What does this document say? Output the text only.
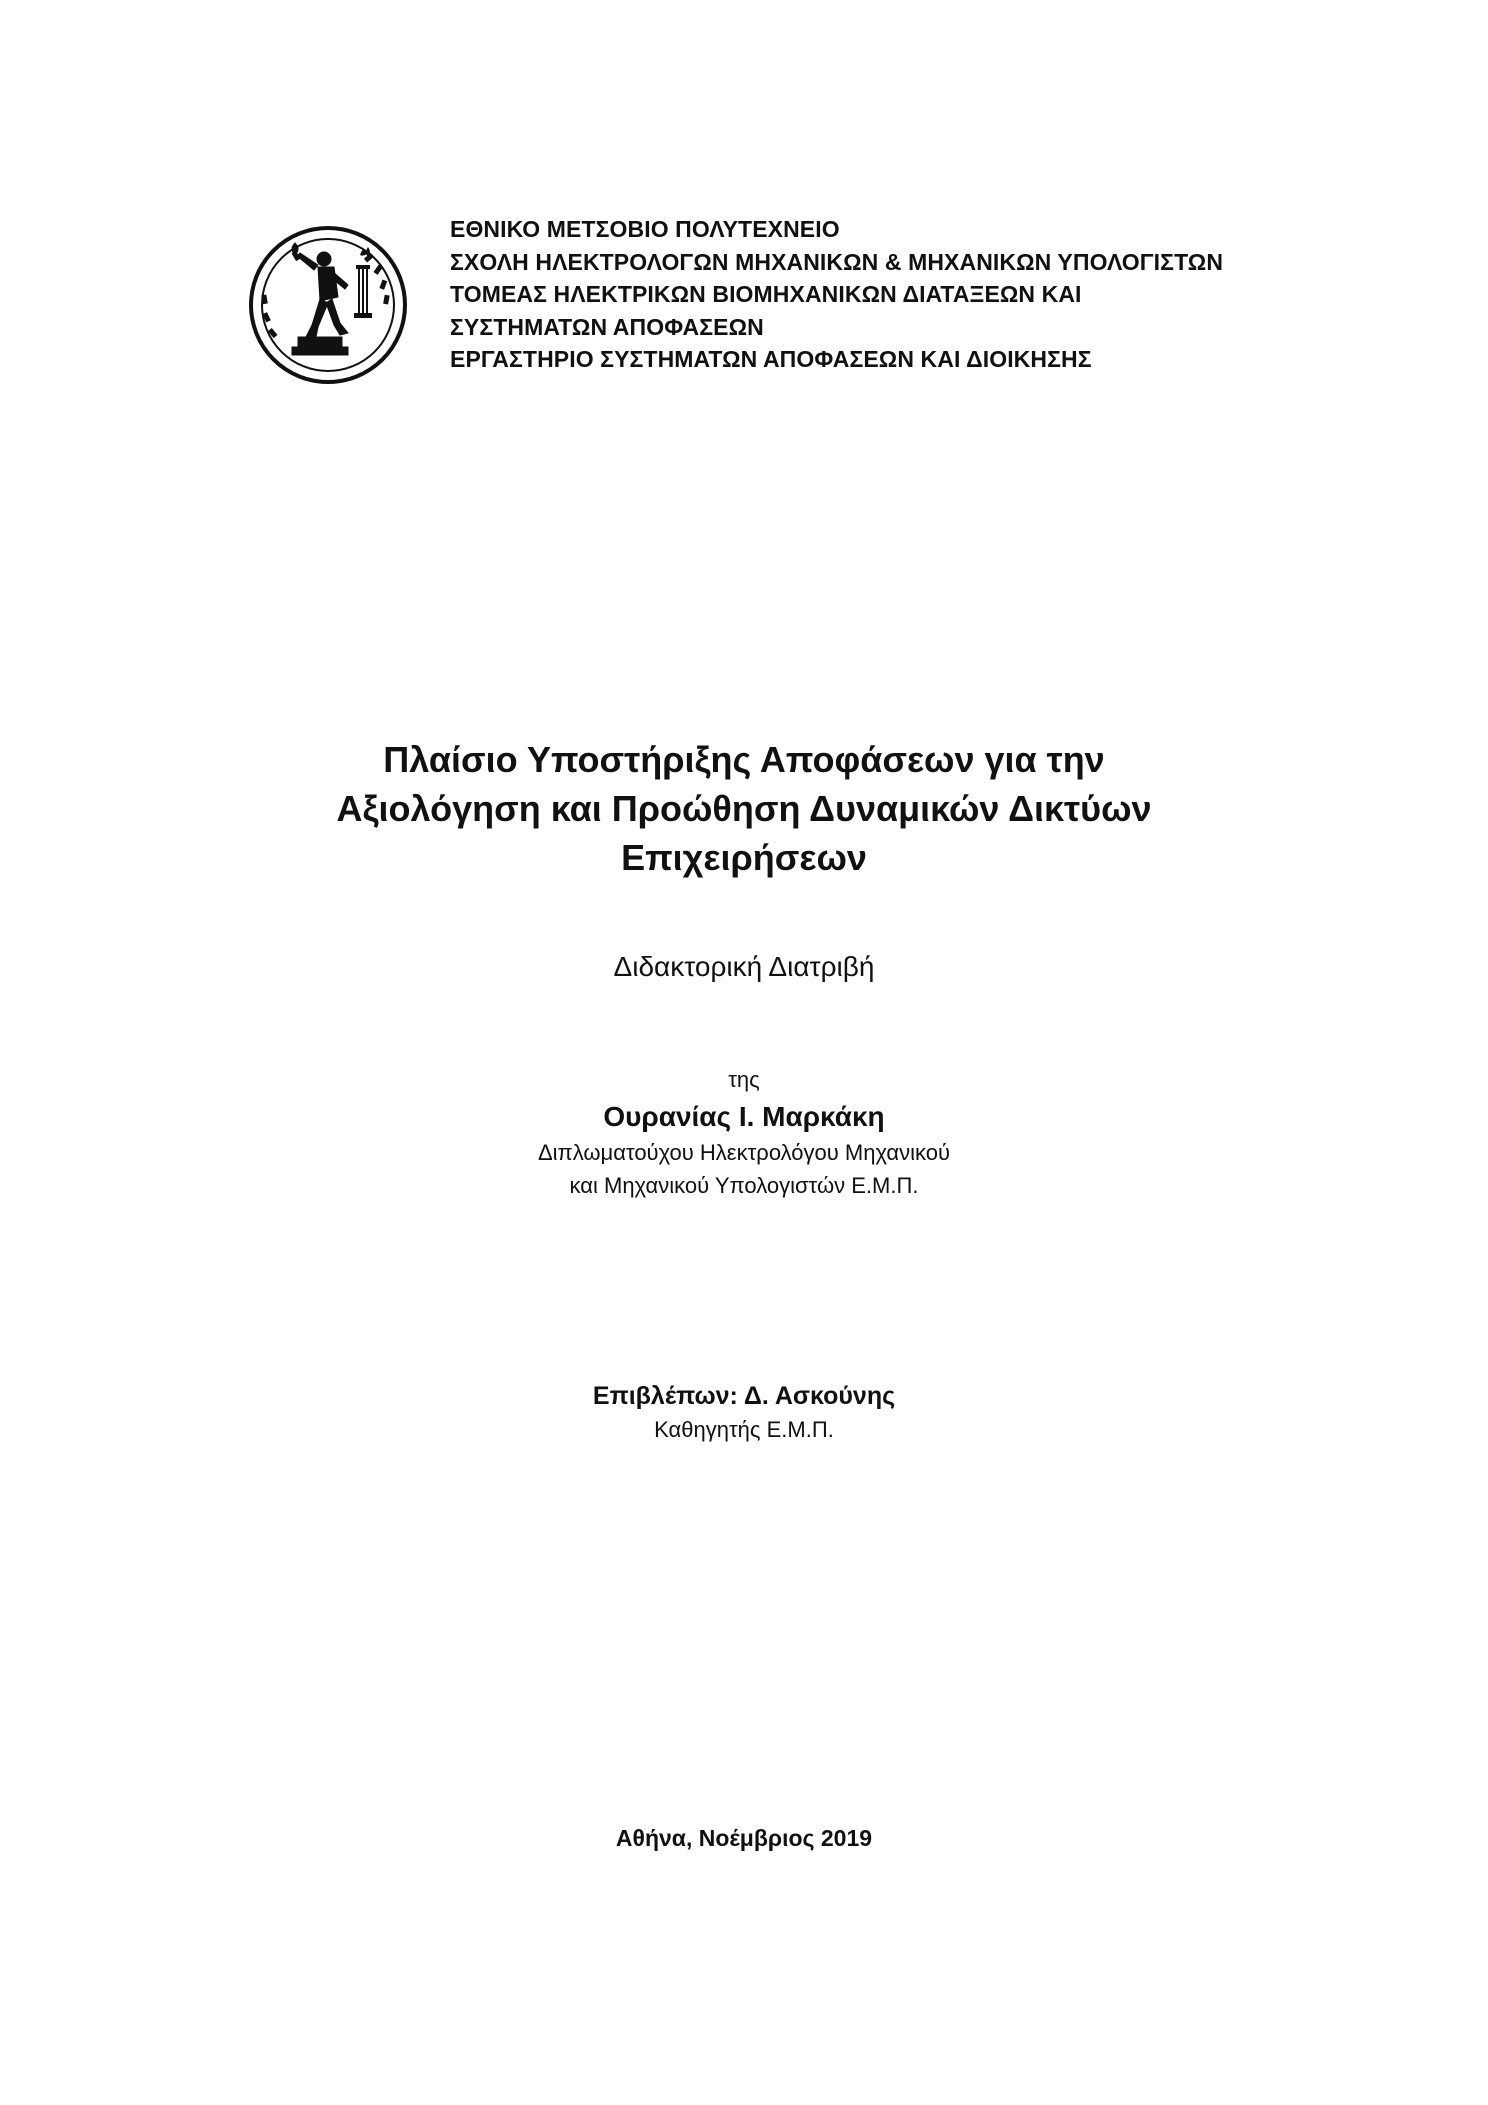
ΕΘΝΙΚΟ ΜΕΤΣΟΒΙΟ ΠΟΛΥΤΕΧΝΕΙΟ
ΣΧΟΛΗ ΗΛΕΚΤΡΟΛΟΓΩΝ ΜΗΧΑΝΙΚΩΝ & ΜΗΧΑΝΙΚΩΝ ΥΠΟΛΟΓΙΣΤΩΝ
ΤΟΜΕΑΣ ΗΛΕΚΤΡΙΚΩΝ ΒΙΟΜΗΧΑΝΙΚΩΝ ΔΙΑΤΑΞΕΩΝ ΚΑΙ
ΣΥΣΤΗΜΑΤΩΝ ΑΠΟΦΑΣΕΩΝ
ΕΡΓΑΣΤΗΡΙΟ ΣΥΣΤΗΜΑΤΩΝ ΑΠΟΦΑΣΕΩΝ ΚΑΙ ΔΙΟΙΚΗΣΗΣ
Πλαίσιο Υποστήριξης Αποφάσεων για την
Αξιολόγηση και Προώθηση Δυναμικών Δικτύων
Επιχειρήσεων
Διδακτορική Διατριβή
της
Ουρανίας Ι. Μαρκάκη
Διπλωματούχου Ηλεκτρολόγου Μηχανικού
και Μηχανικού Υπολογιστών Ε.Μ.Π.
Επιβλέπων: Δ. Ασκούνης
Καθηγητής Ε.Μ.Π.
Αθήνα, Νοέμβριος 2019
